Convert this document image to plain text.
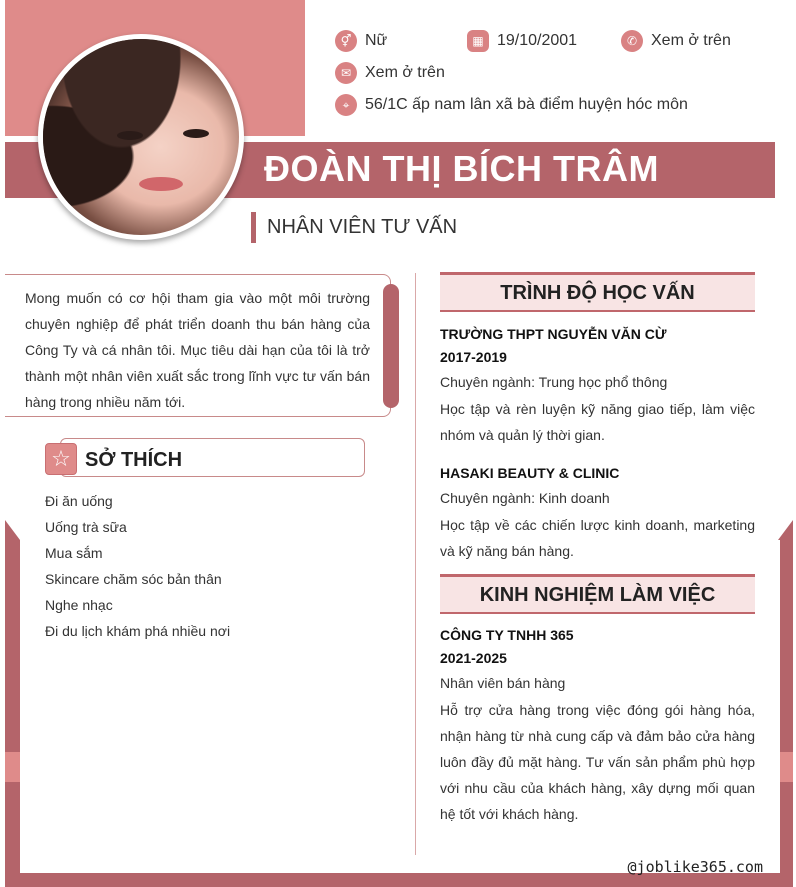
⚥ Nữ	▦ 19/10/2001	✆ Xem ở trên
✉ Xem ở trên
⌖ 56/1C ấp nam lân xã bà điểm huyện hóc môn
ĐOÀN THỊ BÍCH TRÂM
NHÂN VIÊN TƯ VẤN

Mong muốn có cơ hội tham gia vào một môi trường chuyên nghiệp để phát triển doanh thu bán hàng của Công Ty và cá nhân tôi. Mục tiêu dài hạn của tôi là trở thành một nhân viên xuất sắc trong lĩnh vực tư vấn bán hàng trong nhiều năm tới.

☆ SỞ THÍCH
Đi ăn uống
Uống trà sữa
Mua sắm
Skincare chăm sóc bản thân
Nghe nhạc
Đi du lịch khám phá nhiều nơi
TRÌNH ĐỘ HỌC VẤN
TRƯỜNG THPT NGUYỄN VĂN CỪ
2017-2019
Chuyên ngành: Trung học phổ thông
Học tập và rèn luyện kỹ năng giao tiếp, làm việc nhóm và quản lý thời gian.
HASAKI BEAUTY & CLINIC
Chuyên ngành: Kinh doanh
Học tập về các chiến lược kinh doanh, marketing và kỹ năng bán hàng.
KINH NGHIỆM LÀM VIỆC
CÔNG TY TNHH 365
2021-2025
Nhân viên bán hàng
Hỗ trợ cửa hàng trong việc đóng gói hàng hóa, nhận hàng từ nhà cung cấp và đảm bảo cửa hàng luôn đầy đủ mặt hàng. Tư vấn sản phẩm phù hợp với nhu cầu của khách hàng, xây dựng mối quan hệ tốt với khách hàng.
@joblike365.com
